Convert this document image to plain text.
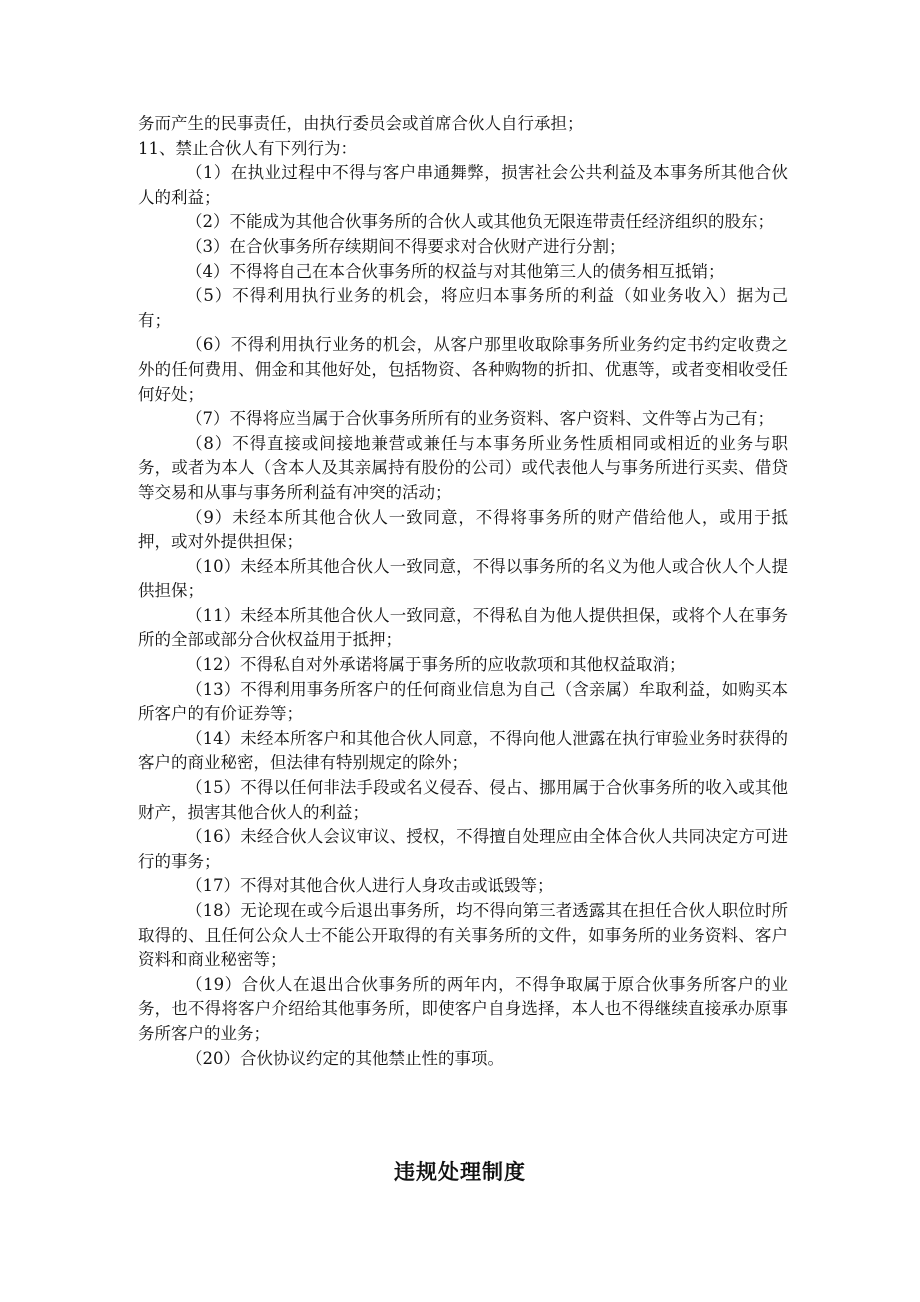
务而产生的民事责任，由执行委员会或首席合伙人自行承担；

11、禁止合伙人有下列行为：

（1）在执业过程中不得与客户串通舞弊，损害社会公共利益及本事务所其他合伙人的利益；

（2）不能成为其他合伙事务所的合伙人或其他负无限连带责任经济组织的股东；

（3）在合伙事务所存续期间不得要求对合伙财产进行分割；

（4）不得将自己在本合伙事务所的权益与对其他第三人的债务相互抵销；

（5）不得利用执行业务的机会，将应归本事务所的利益（如业务收入）据为己有；

（6）不得利用执行业务的机会，从客户那里收取除事务所业务约定书约定收费之外的任何费用、佣金和其他好处，包括物资、各种购物的折扣、优惠等，或者变相收受任何好处；

（7）不得将应当属于合伙事务所所有的业务资料、客户资料、文件等占为己有；

（8）不得直接或间接地兼营或兼任与本事务所业务性质相同或相近的业务与职务，或者为本人（含本人及其亲属持有股份的公司）或代表他人与事务所进行买卖、借贷等交易和从事与事务所利益有冲突的活动；

（9）未经本所其他合伙人一致同意，不得将事务所的财产借给他人，或用于抵押，或对外提供担保；

（10）未经本所其他合伙人一致同意，不得以事务所的名义为他人或合伙人个人提供担保；

（11）未经本所其他合伙人一致同意，不得私自为他人提供担保，或将个人在事务所的全部或部分合伙权益用于抵押；

（12）不得私自对外承诺将属于事务所的应收款项和其他权益取消；

（13）不得利用事务所客户的任何商业信息为自己（含亲属）牟取利益，如购买本所客户的有价证券等；

（14）未经本所客户和其他合伙人同意，不得向他人泄露在执行审验业务时获得的客户的商业秘密，但法律有特别规定的除外；

（15）不得以任何非法手段或名义侵吞、侵占、挪用属于合伙事务所的收入或其他财产，损害其他合伙人的利益；

（16）未经合伙人会议审议、授权，不得擅自处理应由全体合伙人共同决定方可进行的事务；

（17）不得对其他合伙人进行人身攻击或诋毁等；

（18）无论现在或今后退出事务所，均不得向第三者透露其在担任合伙人职位时所取得的、且任何公众人士不能公开取得的有关事务所的文件，如事务所的业务资料、客户资料和商业秘密等；

（19）合伙人在退出合伙事务所的两年内，不得争取属于原合伙事务所客户的业务，也不得将客户介绍给其他事务所，即使客户自身选择，本人也不得继续直接承办原事务所客户的业务；

（20）合伙协议约定的其他禁止性的事项。

违规处理制度
